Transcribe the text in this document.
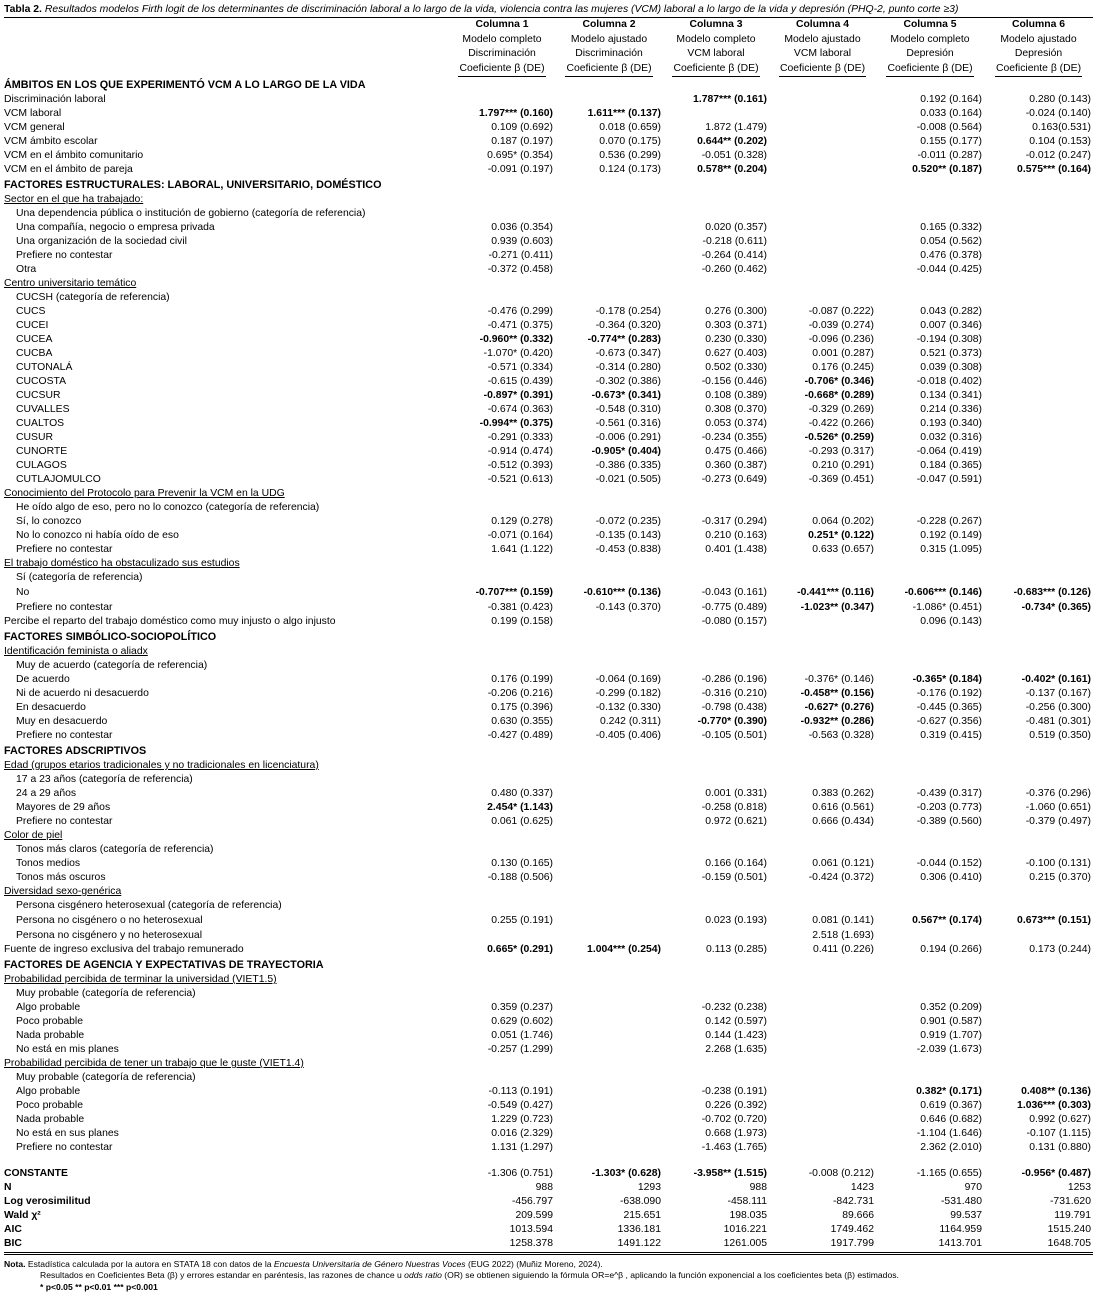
Tabla 2. Resultados modelos Firth logit de los determinantes de discriminación laboral a lo largo de la vida, violencia contra las mujeres (VCM) laboral a lo largo de la vida y depresión (PHQ-2, punto corte ≥3)
	Columna 1	Columna 2	Columna 3	Columna 4	Columna 5	Columna 6
	Modelo completo	Modelo ajustado	Modelo completo	Modelo ajustado	Modelo completo	Modelo ajustado
	Discriminación	Discriminación	VCM laboral	VCM laboral	Depresión	Depresión
	Coeficiente β (DE)	Coeficiente β (DE)	Coeficiente β (DE)	Coeficiente β (DE)	Coeficiente β (DE)	Coeficiente β (DE)
ÁMBITOS EN LOS QUE EXPERIMENTÓ VCM A LO LARGO DE LA VIDA						
Discriminación laboral			1.787*** (0.161)		0.192 (0.164)	0.280 (0.143)
VCM laboral	1.797*** (0.160)	1.611*** (0.137)			0.033 (0.164)	-0.024 (0.140)
VCM general	0.109 (0.692)	0.018 (0.659)	1.872 (1.479)		-0.008 (0.564)	0.163(0.531)
VCM ámbito escolar	0.187 (0.197)	0.070 (0.175)	0.644** (0.202)		0.155 (0.177)	0.104 (0.153)
VCM en el ámbito comunitario	0.695* (0.354)	0.536 (0.299)	-0.051 (0.328)		-0.011 (0.287)	-0.012 (0.247)
VCM en el ámbito de pareja	-0.091 (0.197)	0.124 (0.173)	0.578** (0.204)		0.520** (0.187)	0.575*** (0.164)
FACTORES ESTRUCTURALES: LABORAL, UNIVERSITARIO, DOMÉSTICO						
Sector en el que ha trabajado:						
Una dependencia pública o institución de gobierno (categoría de referencia)						
Una compañía, negocio o empresa privada	0.036 (0.354)		0.020 (0.357)		0.165 (0.332)	
Una organización de la sociedad civil	0.939 (0.603)		-0.218 (0.611)		0.054 (0.562)	
Prefiere no contestar	-0.271 (0.411)		-0.264 (0.414)		0.476 (0.378)	
Otra	-0.372 (0.458)		-0.260 (0.462)		-0.044 (0.425)	
Centro universitario temático						
CUCSH (categoría de referencia)						
CUCS	-0.476 (0.299)	-0.178 (0.254)	0.276 (0.300)	-0.087 (0.222)	0.043 (0.282)	
CUCEI	-0.471 (0.375)	-0.364 (0.320)	0.303 (0.371)	-0.039 (0.274)	0.007 (0.346)	
CUCEA	-0.960** (0.332)	-0.774** (0.283)	0.230 (0.330)	-0.096 (0.236)	-0.194 (0.308)	
CUCBA	-1.070* (0.420)	-0.673 (0.347)	0.627 (0.403)	0.001 (0.287)	0.521 (0.373)	
CUTONALÁ	-0.571 (0.334)	-0.314 (0.280)	0.502 (0.330)	0.176 (0.245)	0.039 (0.308)	
CUCOSTA	-0.615 (0.439)	-0.302 (0.386)	-0.156 (0.446)	-0.706* (0.346)	-0.018 (0.402)	
CUCSUR	-0.897* (0.391)	-0.673* (0.341)	0.108 (0.389)	-0.668* (0.289)	0.134 (0.341)	
CUVALLES	-0.674 (0.363)	-0.548 (0.310)	0.308 (0.370)	-0.329 (0.269)	0.214 (0.336)	
CUALTOS	-0.994** (0.375)	-0.561 (0.316)	0.053 (0.374)	-0.422 (0.266)	0.193 (0.340)	
CUSUR	-0.291 (0.333)	-0.006 (0.291)	-0.234 (0.355)	-0.526* (0.259)	0.032 (0.316)	
CUNORTE	-0.914 (0.474)	-0.905* (0.404)	0.475 (0.466)	-0.293 (0.317)	-0.064 (0.419)	
CULAGOS	-0.512 (0.393)	-0.386 (0.335)	0.360 (0.387)	0.210 (0.291)	0.184 (0.365)	
CUTLAJOMULCO	-0.521 (0.613)	-0.021 (0.505)	-0.273 (0.649)	-0.369 (0.451)	-0.047 (0.591)	
Conocimiento del Protocolo para Prevenir la VCM en la UDG						
He oído algo de eso, pero no lo conozco (categoría de referencia)						
Sí, lo conozco	0.129 (0.278)	-0.072 (0.235)	-0.317 (0.294)	0.064 (0.202)	-0.228 (0.267)	
No lo conozco ni había oído de eso	-0.071 (0.164)	-0.135 (0.143)	0.210 (0.163)	0.251* (0.122)	0.192 (0.149)	
Prefiere no contestar	1.641 (1.122)	-0.453 (0.838)	0.401 (1.438)	0.633 (0.657)	0.315 (1.095)	
El trabajo doméstico ha obstaculizado sus estudios						
Sí (categoría de referencia)						
No	-0.707*** (0.159)	-0.610*** (0.136)	-0.043 (0.161)	-0.441*** (0.116)	-0.606*** (0.146)	-0.683*** (0.126)
Prefiere no contestar	-0.381 (0.423)	-0.143 (0.370)	-0.775 (0.489)	-1.023** (0.347)	-1.086* (0.451)	-0.734* (0.365)
Percibe el reparto del trabajo doméstico como muy injusto o algo injusto	0.199 (0.158)		-0.080 (0.157)		0.096 (0.143)	
FACTORES SIMBÓLICO-SOCIOPOLÍTICO						
Identificación feminista o aliadx						
Muy de acuerdo (categoría de referencia)						
De acuerdo	0.176 (0.199)	-0.064 (0.169)	-0.286 (0.196)	-0.376* (0.146)	-0.365* (0.184)	-0.402* (0.161)
Ni de acuerdo ni desacuerdo	-0.206 (0.216)	-0.299 (0.182)	-0.316 (0.210)	-0.458** (0.156)	-0.176 (0.192)	-0.137 (0.167)
En desacuerdo	0.175 (0.396)	-0.132 (0.330)	-0.798 (0.438)	-0.627* (0.276)	-0.445 (0.365)	-0.256 (0.300)
Muy en desacuerdo	0.630 (0.355)	0.242 (0.311)	-0.770* (0.390)	-0.932** (0.286)	-0.627 (0.356)	-0.481 (0.301)
Prefiere no contestar	-0.427 (0.489)	-0.405 (0.406)	-0.105 (0.501)	-0.563 (0.328)	0.319 (0.415)	0.519 (0.350)
FACTORES ADSCRIPTIVOS						
Edad (grupos etarios tradicionales y no tradicionales en licenciatura)						
17 a 23 años (categoría de referencia)						
24 a 29 años	0.480 (0.337)		0.001 (0.331)	0.383 (0.262)	-0.439 (0.317)	-0.376 (0.296)
Mayores de 29 años	2.454* (1.143)		-0.258 (0.818)	0.616 (0.561)	-0.203 (0.773)	-1.060 (0.651)
Prefiere no contestar	0.061 (0.625)		0.972 (0.621)	0.666 (0.434)	-0.389 (0.560)	-0.379 (0.497)
Color de piel						
Tonos más claros (categoría de referencia)						
Tonos medios	0.130 (0.165)		0.166 (0.164)	0.061 (0.121)	-0.044 (0.152)	-0.100 (0.131)
Tonos más oscuros	-0.188 (0.506)		-0.159 (0.501)	-0.424 (0.372)	0.306 (0.410)	0.215 (0.370)
Diversidad sexo-genérica						
Persona cisgénero heterosexual (categoría de referencia)						
Persona no cisgénero o no heterosexual	0.255 (0.191)		0.023 (0.193)	0.081 (0.141)	0.567** (0.174)	0.673*** (0.151)
Persona no cisgénero y no heterosexual				2.518 (1.693)		
Fuente de ingreso exclusiva del trabajo remunerado	0.665* (0.291)	1.004*** (0.254)	0.113 (0.285)	0.411 (0.226)	0.194 (0.266)	0.173 (0.244)
FACTORES DE AGENCIA Y EXPECTATIVAS DE TRAYECTORIA						
Probabilidad percibida de terminar la universidad (VIET1.5)						
Muy probable (categoría de referencia)						
Algo probable	0.359 (0.237)		-0.232 (0.238)		0.352 (0.209)	
Poco probable	0.629 (0.602)		0.142 (0.597)		0.901 (0.587)	
Nada probable	0.051 (1.746)		0.144 (1.423)		0.919 (1.707)	
No está en mis planes	-0.257 (1.299)		2.268 (1.635)		-2.039 (1.673)	
Probabilidad percibida de tener un trabajo que le guste (VIET1.4)						
Muy probable (categoría de referencia)						
Algo probable	-0.113 (0.191)		-0.238 (0.191)		0.382* (0.171)	0.408** (0.136)
Poco probable	-0.549 (0.427)		0.226 (0.392)		0.619 (0.367)	1.036*** (0.303)
Nada probable	1.229 (0.723)		-0.702 (0.720)		0.646 (0.682)	0.992 (0.627)
No está en sus planes	0.016 (2.329)		0.668 (1.973)		-1.104 (1.646)	-0.107 (1.115)
Prefiere no contestar	1.131 (1.297)		-1.463 (1.765)		2.362 (2.010)	0.131 (0.880)
CONSTANTE	-1.306 (0.751)	-1.303* (0.628)	-3.958** (1.515)	-0.008 (0.212)	-1.165 (0.655)	-0.956* (0.487)
N	988	1293	988	1423	970	1253
Log verosimilitud	-456.797	-638.090	-458.111	-842.731	-531.480	-731.620
Wald χ²	209.599	215.651	198.035	89.666	99.537	119.791
AIC	1013.594	1336.181	1016.221	1749.462	1164.959	1515.240
BIC	1258.378	1491.122	1261.005	1917.799	1413.701	1648.705
Nota. Estadística calculada por la autora en STATA 18 con datos de la Encuesta Universitaria de Género Nuestras Voces (EUG 2022) (Muñiz Moreno, 2024).
Resultados en Coeficientes Beta (β) y errores estandar en paréntesis, las razones de chance u odds ratio (OR) se obtienen siguiendo la fórmula OR=e^β , aplicando la función exponencial a los coeficientes beta (β) estimados.
* p<0.05 ** p<0.01 *** p<0.001
